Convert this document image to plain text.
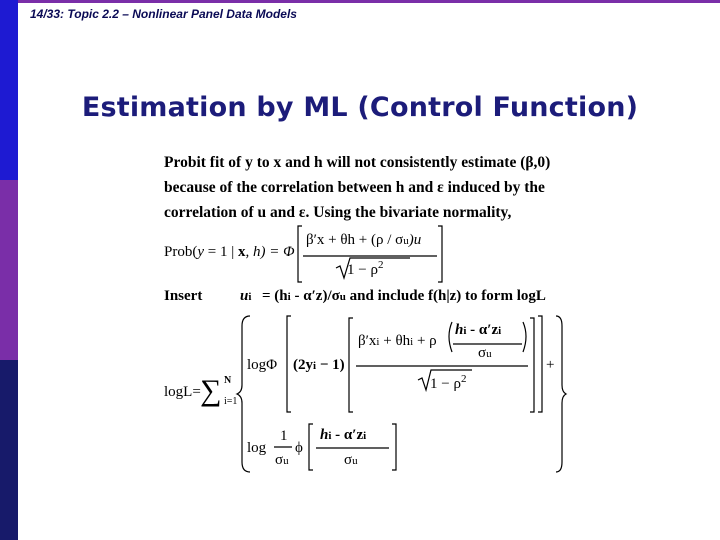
14/33: Topic 2.2 – Nonlinear Panel Data Models
Estimation by ML (Control Function)
Probit fit of y to x and h will not consistently estimate (β,0)
because of the correlation between h and ε induced by the
correlation of u and ε. Using the bivariate normality,
Prob(y = 1 | x, h) = Φ
β′x + θh + (ρ / σu)u
$1 - \rho^2$
Insert	ui = (hi - α′z)/σu and include f(h|z) to form logL
logL=
N
i=1
∑
logΦ (2yi − 1)
β′xi + θhi + ρ
hi - α′zi
σu
$1 - \rho^2$
+
log
1
σu
ϕ
hi - α′zi
σu
